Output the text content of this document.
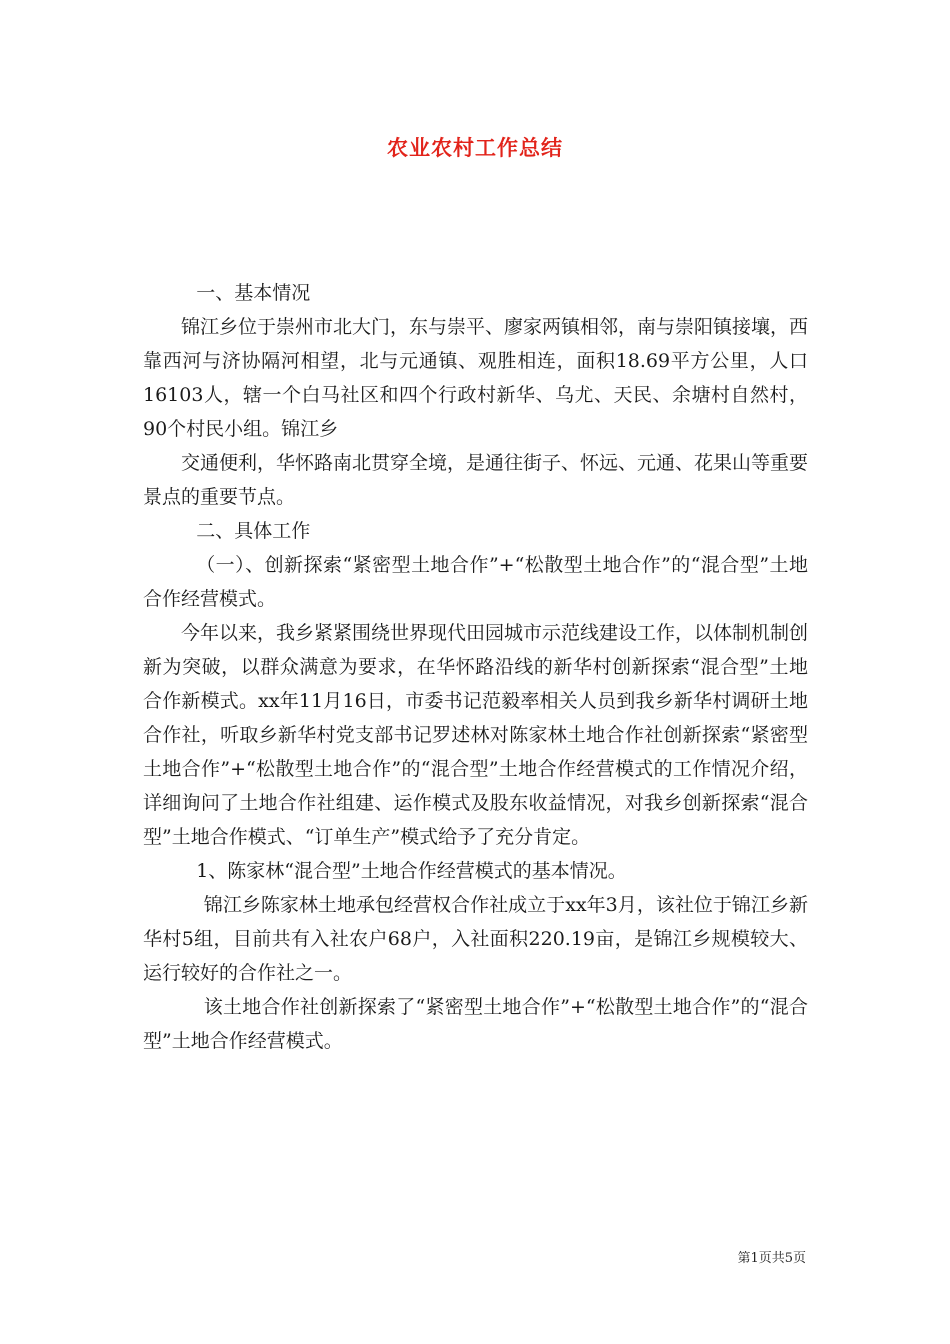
农业农村工作总结

一、基本情况

锦江乡位于崇州市北大门，东与崇平、廖家两镇相邻，南与崇阳镇接壤，西靠西河与济协隔河相望，北与元通镇、观胜相连，面积18.69平方公里，人口16103人，辖一个白马社区和四个行政村新华、乌尤、天民、余塘村自然村，90个村民小组。锦江乡

交通便利，华怀路南北贯穿全境，是通往街子、怀远、元通、花果山等重要景点的重要节点。

二、具体工作

（一）、创新探索“紧密型土地合作”+“松散型土地合作”的“混合型”土地合作经营模式。

今年以来，我乡紧紧围绕世界现代田园城市示范线建设工作，以体制机制创新为突破，以群众满意为要求，在华怀路沿线的新华村创新探索“混合型”土地合作新模式。xx年11月16日，市委书记范毅率相关人员到我乡新华村调研土地合作社，听取乡新华村党支部书记罗述林对陈家林土地合作社创新探索“紧密型土地合作”+“松散型土地合作”的“混合型”土地合作经营模式的工作情况介绍，详细询问了土地合作社组建、运作模式及股东收益情况，对我乡创新探索“混合型”土地合作模式、“订单生产”模式给予了充分肯定。

1、陈家林“混合型”土地合作经营模式的基本情况。

锦江乡陈家林土地承包经营权合作社成立于xx年3月，该社位于锦江乡新华村5组，目前共有入社农户68户，入社面积220.19亩，是锦江乡规模较大、运行较好的合作社之一。

该土地合作社创新探索了“紧密型土地合作”+“松散型土地合作”的“混合型”土地合作经营模式。

第1页共5页
